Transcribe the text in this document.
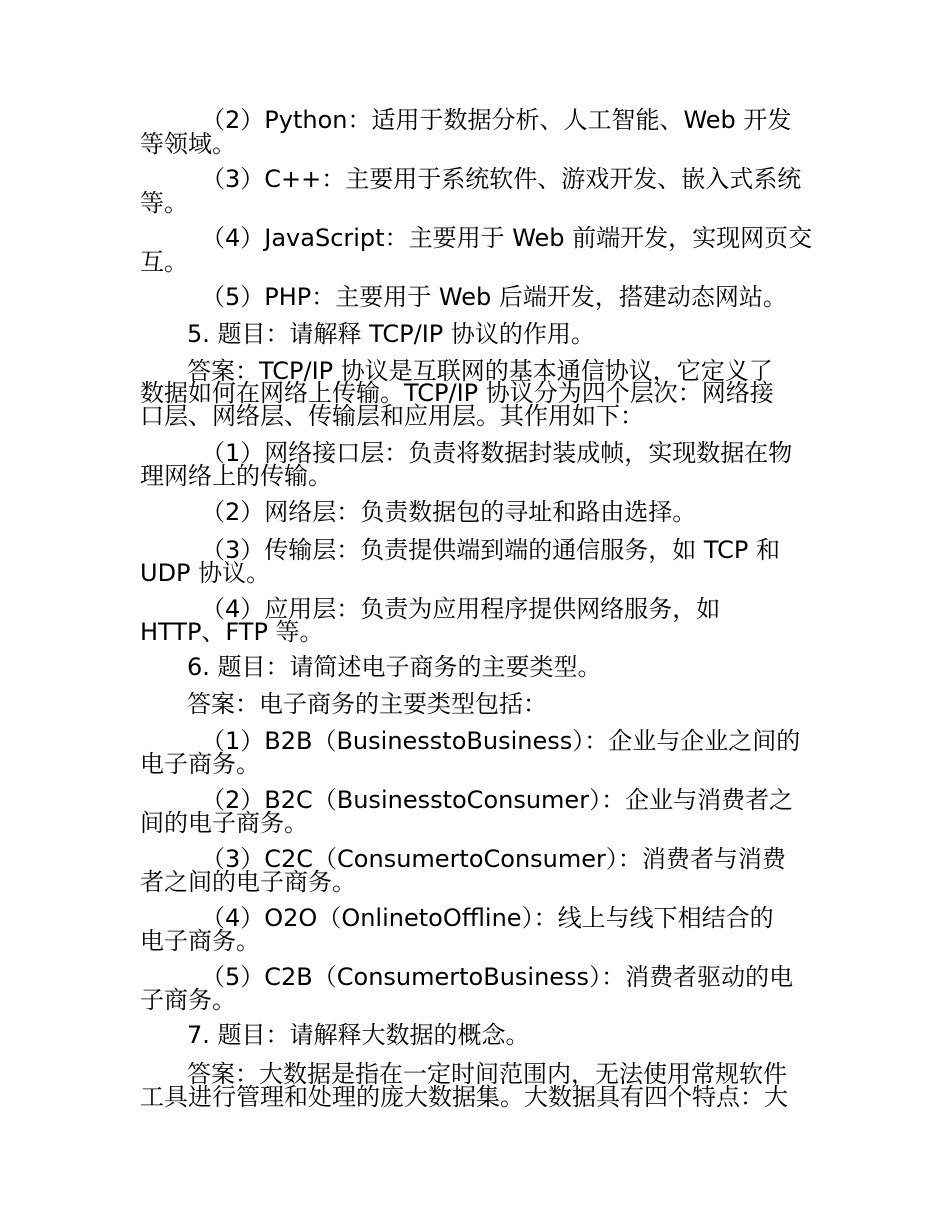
（2）Python：适用于数据分析、人工智能、Web 开发
等领域。
（3）C++：主要用于系统软件、游戏开发、嵌入式系统
等。
（4）JavaScript：主要用于 Web 前端开发，实现网页交
互。
（5）PHP：主要用于 Web 后端开发，搭建动态网站。
5. 题目：请解释 TCP/IP 协议的作用。
答案：TCP/IP 协议是互联网的基本通信协议，它定义了
数据如何在网络上传输。TCP/IP 协议分为四个层次：网络接
口层、网络层、传输层和应用层。其作用如下：
（1）网络接口层：负责将数据封装成帧，实现数据在物
理网络上的传输。
（2）网络层：负责数据包的寻址和路由选择。
（3）传输层：负责提供端到端的通信服务，如 TCP 和
UDP 协议。
（4）应用层：负责为应用程序提供网络服务，如
HTTP、FTP 等。
6. 题目：请简述电子商务的主要类型。
答案：电子商务的主要类型包括：
（1）B2B（BusinesstoBusiness）：企业与企业之间的
电子商务。
（2）B2C（BusinesstoConsumer）：企业与消费者之
间的电子商务。
（3）C2C（ConsumertoConsumer）：消费者与消费
者之间的电子商务。
（4）O2O（OnlinetoOffline）：线上与线下相结合的
电子商务。
（5）C2B（ConsumertoBusiness）：消费者驱动的电
子商务。
7. 题目：请解释大数据的概念。
答案：大数据是指在一定时间范围内，无法使用常规软件
工具进行管理和处理的庞大数据集。大数据具有四个特点：大
